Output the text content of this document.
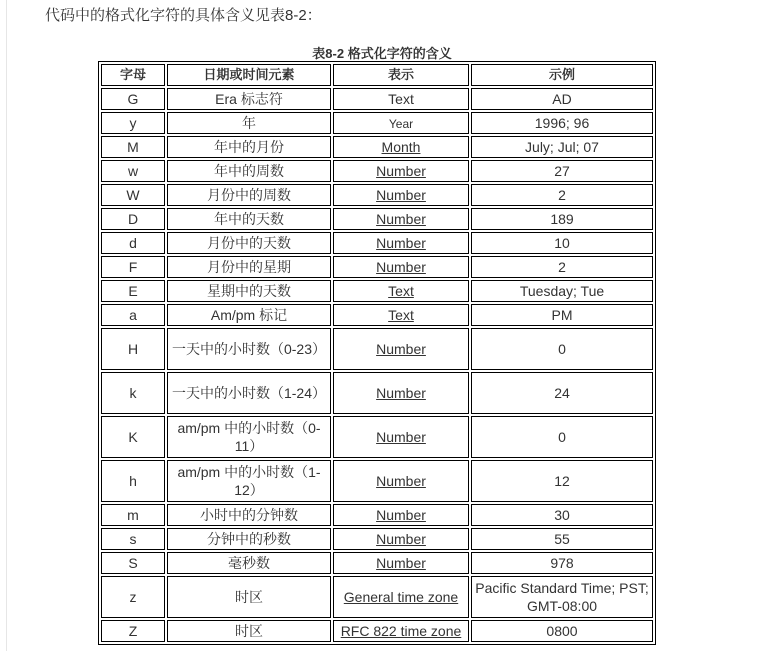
代码中的格式化字符的具体含义见表8-2：
表8-2 格式化字符的含义
字母	日期或时间元素	表示	示例
G	Era 标志符	Text	AD
y	年	Year	1996; 96
M	年中的月份	Month	July; Jul; 07
w	年中的周数	Number	27
W	月份中的周数	Number	2
D	年中的天数	Number	189
d	月份中的天数	Number	10
F	月份中的星期	Number	2
E	星期中的天数	Text	Tuesday; Tue
a	Am/pm 标记	Text	PM
H	一天中的小时数（0-23）	Number	0
k	一天中的小时数（1-24）	Number	24
K	am/pm 中的小时数（0-11）	Number	0
h	am/pm 中的小时数（1-12）	Number	12
m	小时中的分钟数	Number	30
s	分钟中的秒数	Number	55
S	毫秒数	Number	978
z	时区	General time zone	Pacific Standard Time; PST; GMT-08:00
Z	时区	RFC 822 time zone	0800
